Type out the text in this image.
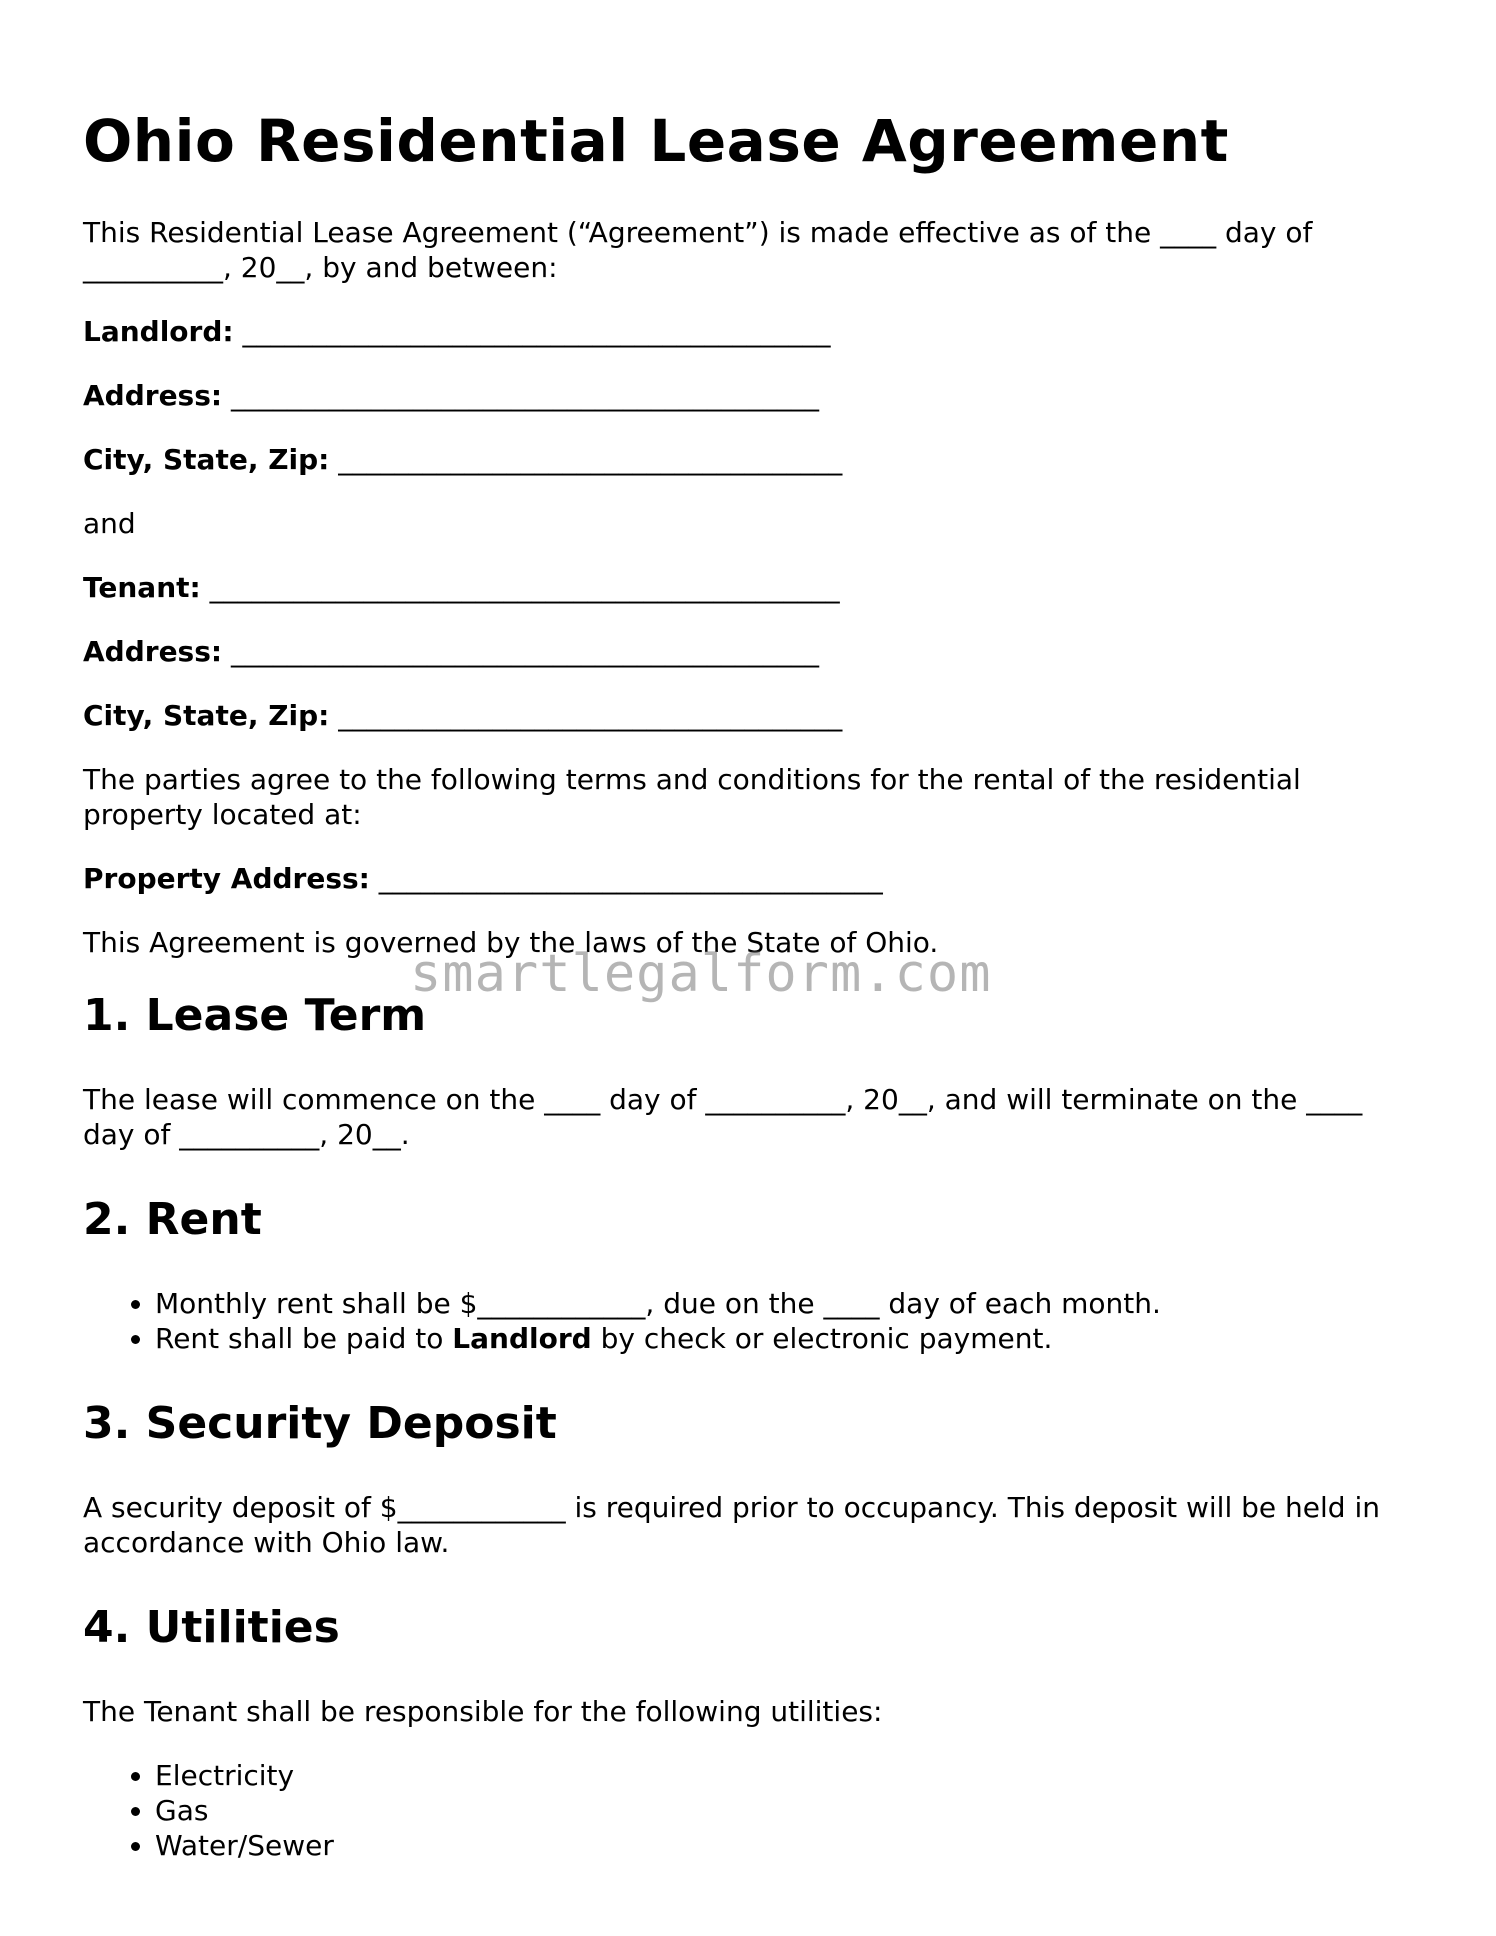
Ohio Residential Lease Agreement

This Residential Lease Agreement (“Agreement”) is made effective as of the ____ day of __________, 20__, by and between:

Landlord: __________________________________________

Address: __________________________________________

City, State, Zip: ____________________________________

and

Tenant: _____________________________________________

Address: __________________________________________

City, State, Zip: ____________________________________

The parties agree to the following terms and conditions for the rental of the residential property located at:

Property Address: ____________________________________

This Agreement is governed by the laws of the State of Ohio.

1. Lease Term

The lease will commence on the ____ day of __________, 20__, and will terminate on the ____ day of __________, 20__.

2. Rent
• Monthly rent shall be $____________, due on the ____ day of each month.
• Rent shall be paid to Landlord by check or electronic payment.
3. Security Deposit

A security deposit of $____________ is required prior to occupancy. This deposit will be held in accordance with Ohio law.

4. Utilities

The Tenant shall be responsible for the following utilities:

• Electricity
• Gas
• Water/Sewer
smartlegalform.com
